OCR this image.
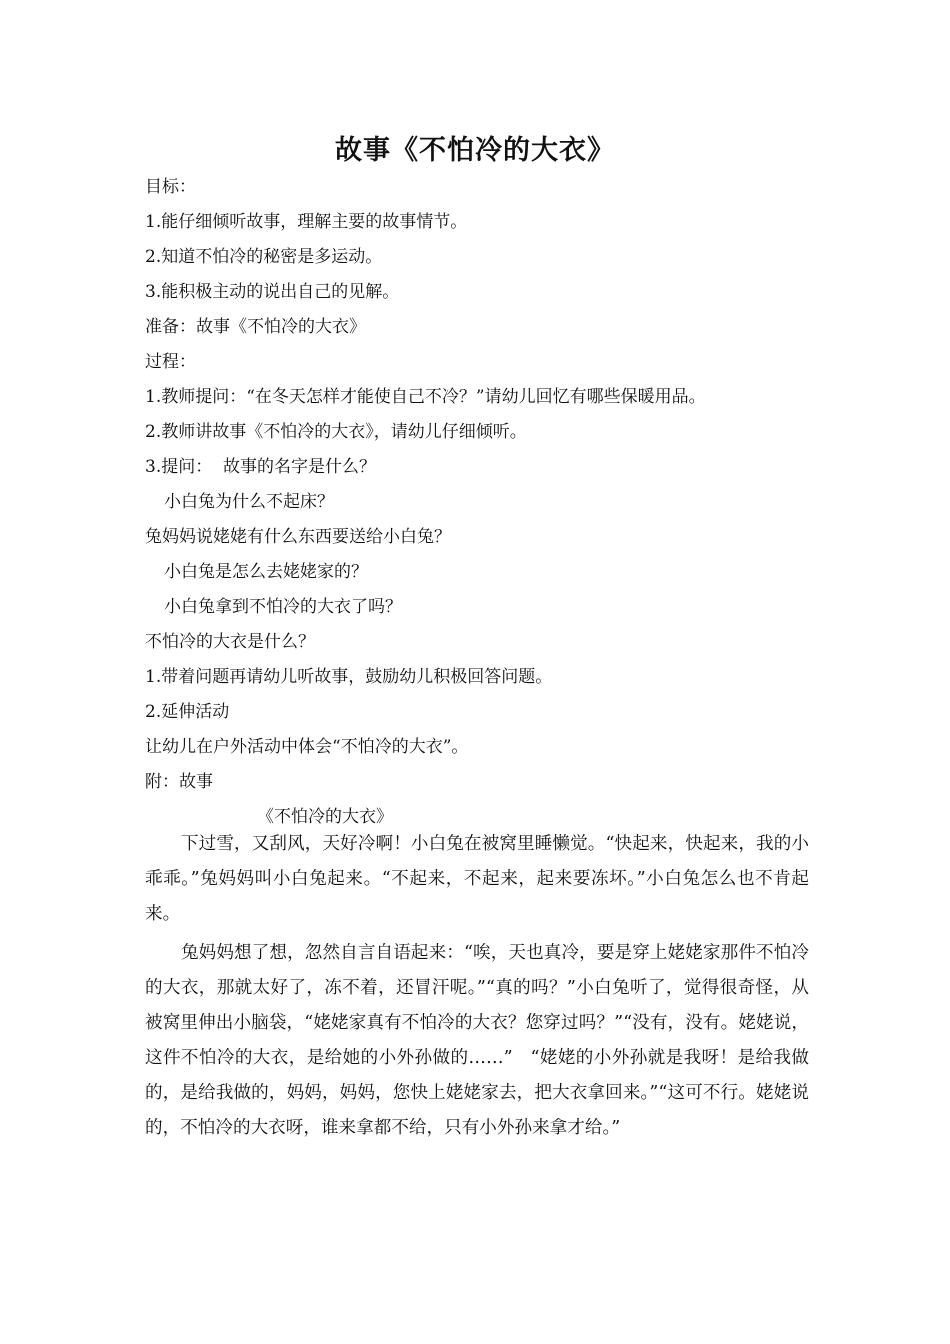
故事《不怕冷的大衣》
目标：
1.能仔细倾听故事，理解主要的故事情节。
2.知道不怕冷的秘密是多运动。
3.能积极主动的说出自己的见解。
准备：故事《不怕冷的大衣》
过程：
1.教师提问：“在冬天怎样才能使自己不冷？”请幼儿回忆有哪些保暖用品。
2.教师讲故事《不怕冷的大衣》，请幼儿仔细倾听。
3.提问：  故事的名字是什么？
小白兔为什么不起床？
兔妈妈说姥姥有什么东西要送给小白兔？
小白兔是怎么去姥姥家的？
小白兔拿到不怕冷的大衣了吗？
不怕冷的大衣是什么？
1.带着问题再请幼儿听故事，鼓励幼儿积极回答问题。
2.延伸活动
让幼儿在户外活动中体会“不怕冷的大衣”。
附：故事
《不怕冷的大衣》

下过雪，又刮风，天好冷啊！小白兔在被窝里睡懒觉。“快起来，快起来，我的小乖乖。”兔妈妈叫小白兔起来。“不起来，不起来，起来要冻坏。”小白兔怎么也不肯起来。

兔妈妈想了想，忽然自言自语起来：“唉，天也真冷，要是穿上姥姥家那件不怕冷的大衣，那就太好了，冻不着，还冒汗呢。”“真的吗？”小白兔听了，觉得很奇怪，从被窝里伸出小脑袋，“姥姥家真有不怕冷的大衣？您穿过吗？”“没有，没有。姥姥说，这件不怕冷的大衣，是给她的小外孙做的……”   “姥姥的小外孙就是我呀！是给我做的，是给我做的，妈妈，妈妈，您快上姥姥家去，把大衣拿回来。”“这可不行。姥姥说的，不怕冷的大衣呀，谁来拿都不给，只有小外孙来拿才给。”
